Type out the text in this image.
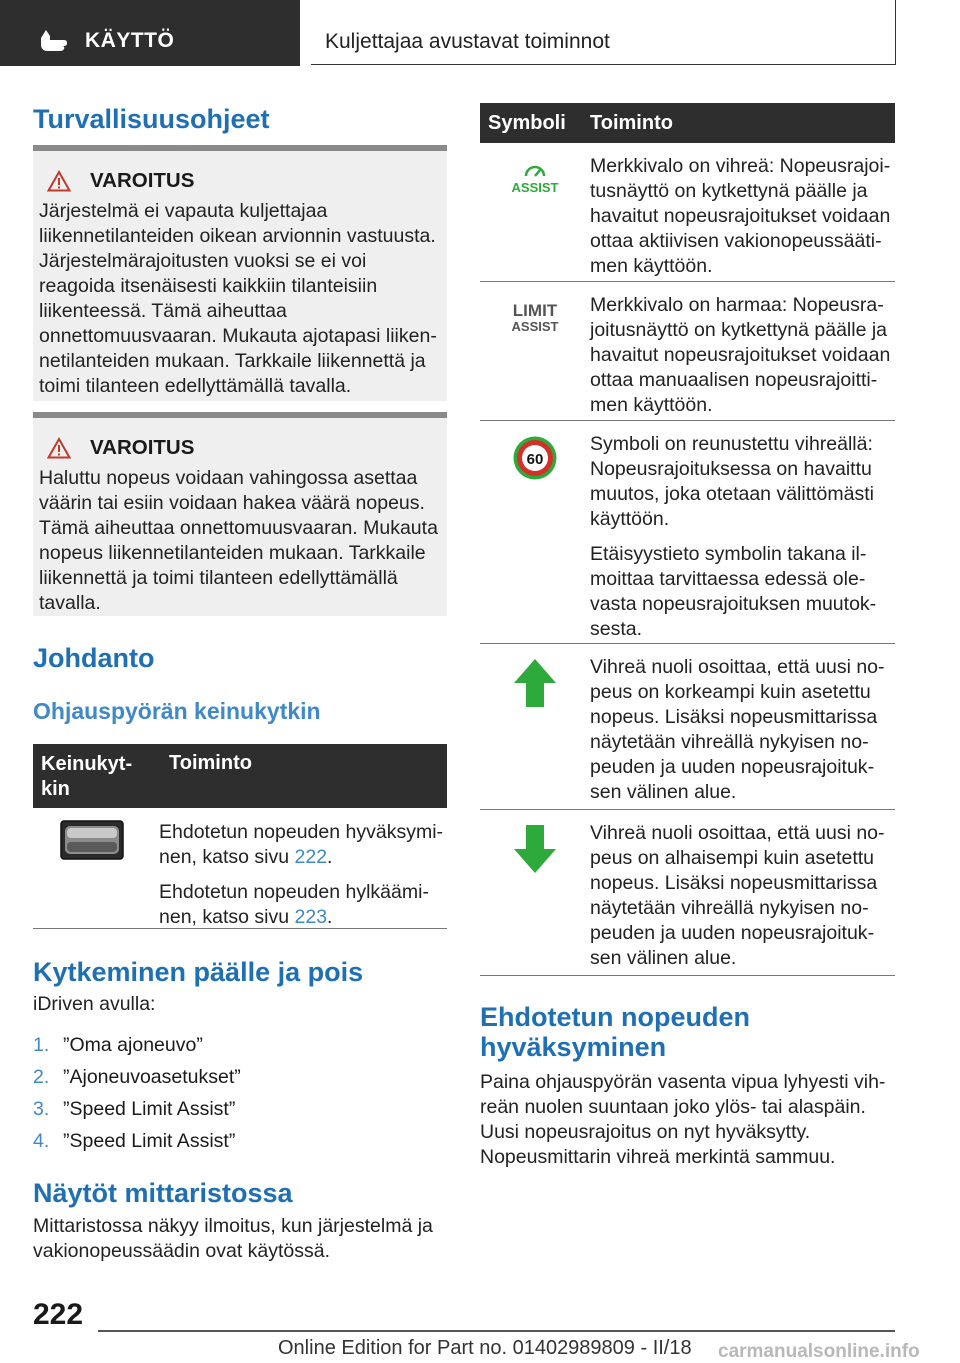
KÄYTTÖ	Kuljettajaa avustavat toiminnot
Turvallisuusohjeet
VAROITUS
Järjestelmä ei vapauta kuljettajaa liikennetilanteiden oikean arvionnin vastuusta. Järjestelmärajoitusten vuoksi se ei voi reagoida itsenäisesti kaikkiin tilanteisiin liikenteessä. Tämä aiheuttaa onnettomuusvaaran. Mukauta ajotapasi liikennetilanteiden mukaan. Tarkkaile liikennettä ja toimi tilanteen edellyttämällä tavalla.
VAROITUS
Haluttu nopeus voidaan vahingossa asettaa väärin tai esiin voidaan hakea väärä nopeus. Tämä aiheuttaa onnettomuusvaaran. Mukauta nopeus liikennetilanteiden mukaan. Tarkkaile liikennettä ja toimi tilanteen edellyttämällä tavalla.
Johdanto
Ohjauspyörän keinukytkin
Keinukytkin
Toiminto

Ehdotetun nopeuden hyväksyminen, katso sivu 222.

Ehdotetun nopeuden hylkääminen, katso sivu 223.

Kytkeminen päälle ja pois

iDriven avulla:

1. ”Oma ajoneuvo”
2. ”Ajoneuvoasetukset”
3. ”Speed Limit Assist”
4. ”Speed Limit Assist”
Näytöt mittaristossa

Mittaristossa näkyy ilmoitus, kun järjestelmä ja vakionopeussäädin ovat käytössä.

Symboli	Toiminto
ASSIST

Merkkivalo on vihreä: Nopeusrajoitusnäyttö on kytkettynä päälle ja havaitut nopeusrajoitukset voidaan ottaa aktiivisen vakionopeussäätimen käyttöön.

LIMIT
ASSIST

Merkkivalo on harmaa: Nopeusrajoitusnäyttö on kytkettynä päälle ja havaitut nopeusrajoitukset voidaan ottaa manuaalisen nopeusrajoittimen käyttöön.

60

Symboli on reunustettu vihreällä: Nopeusrajoituksessa on havaittu muutos, joka otetaan välittömästi käyttöön.

Etäisyystieto symbolin takana ilmoittaa tarvittaessa edessä olevasta nopeusrajoituksen muutoksesta.

Vihreä nuoli osoittaa, että uusi nopeus on korkeampi kuin asetettu nopeus. Lisäksi nopeusmittarissa näytetään vihreällä nykyisen nopeuden ja uuden nopeusrajoituksen välinen alue.

Vihreä nuoli osoittaa, että uusi nopeus on alhaisempi kuin asetettu nopeus. Lisäksi nopeusmittarissa näytetään vihreällä nykyisen nopeuden ja uuden nopeusrajoituksen välinen alue.

Ehdotetun nopeuden
hyväksyminen

Paina ohjauspyörän vasenta vipua lyhyesti vihreän nuolen suuntaan joko ylös- tai alaspäin. Uusi nopeusrajoitus on nyt hyväksytty. Nopeusmittarin vihreä merkintä sammuu.

222
Online Edition for Part no. 01402989809 - II/18 carmanualsonline.info
